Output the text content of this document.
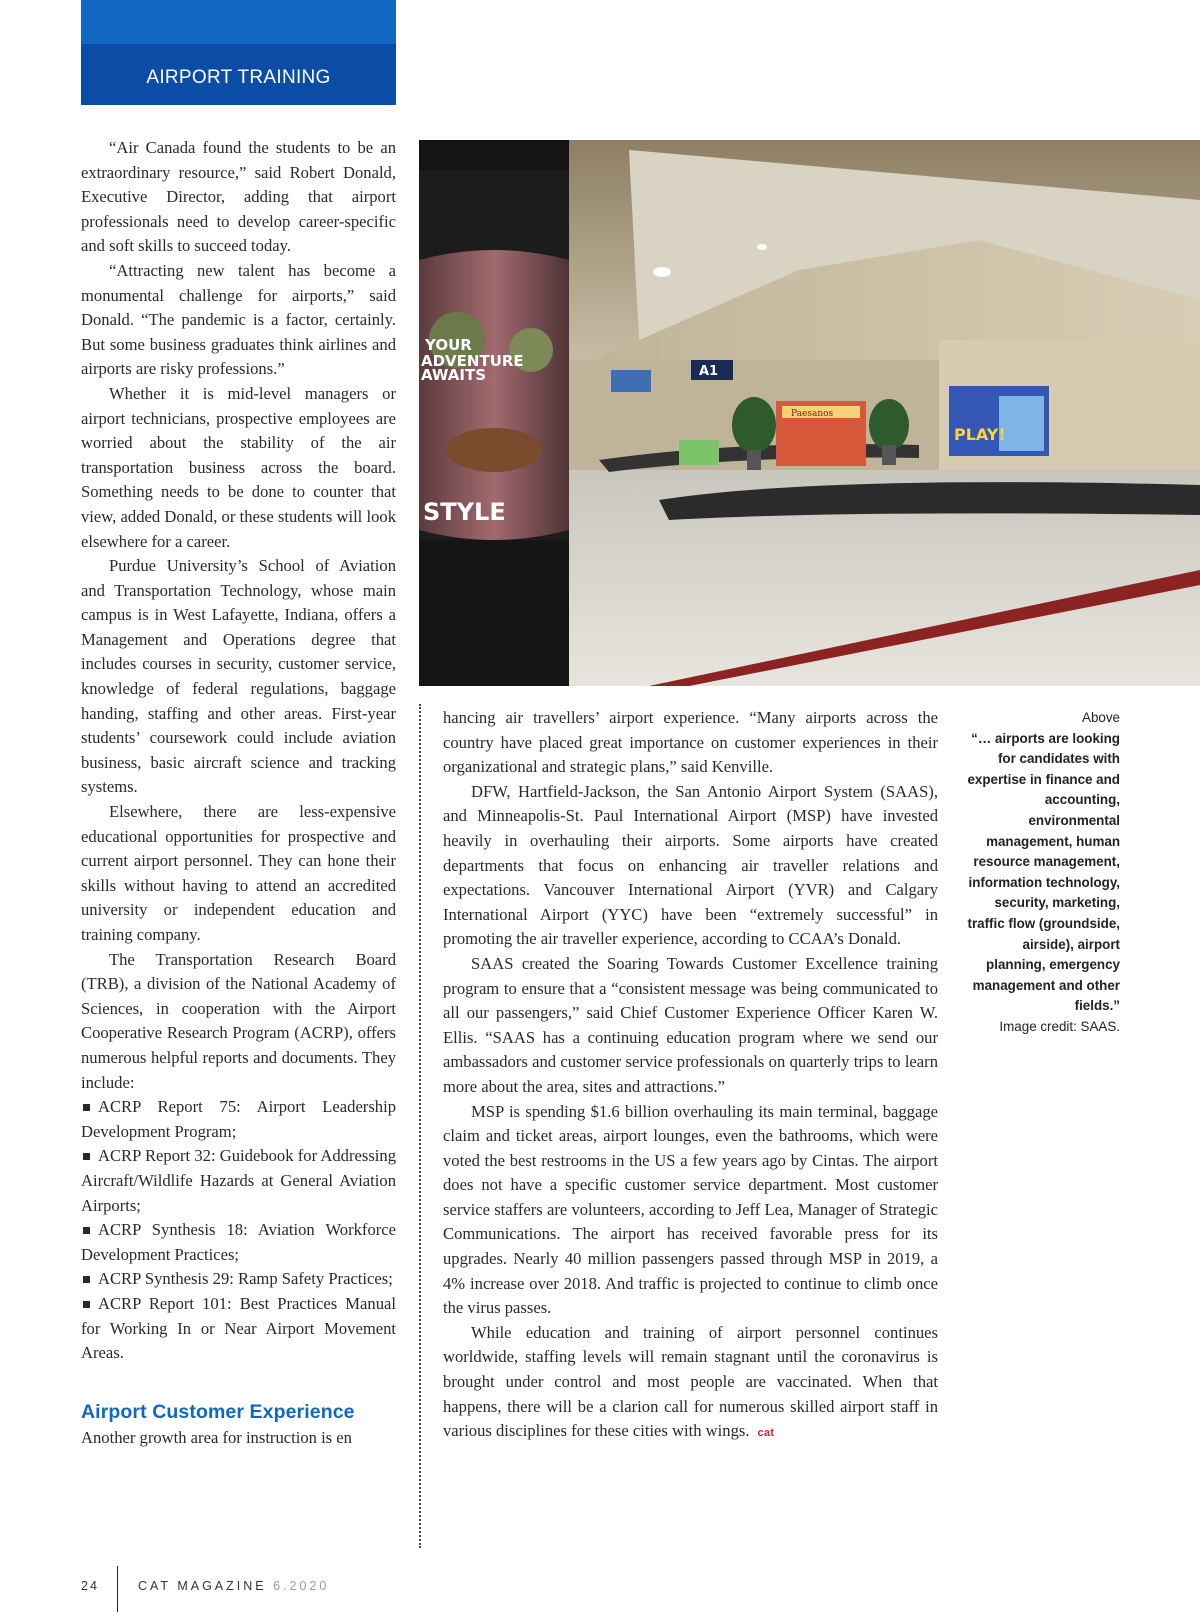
AIRPORT TRAINING

“Air Canada found the students to be an extraordinary resource,” said Robert Donald, Executive Director, adding that airport professionals need to develop career-specific and soft skills to succeed today.

“Attracting new talent has become a monumental challenge for airports,” said Donald. “The pandemic is a factor, certainly. But some business graduates think airlines and airports are risky professions.”

Whether it is mid-level managers or airport technicians, prospective employees are worried about the stability of the air transportation business across the board. Something needs to be done to counter that view, added Donald, or these students will look elsewhere for a career.

Purdue University’s School of Aviation and Transportation Technology, whose main campus is in West Lafayette, Indiana, offers a Management and Operations degree that includes courses in security, customer service, knowledge of federal regulations, baggage handing, staffing and other areas. First-year students’ coursework could include aviation business, basic aircraft science and tracking systems.

Elsewhere, there are less-expensive educational opportunities for prospective and current airport personnel. They can hone their skills without having to attend an accredited university or independent education and training company.

The Transportation Research Board (TRB), a division of the National Academy of Sciences, in cooperation with the Airport Cooperative Research Program (ACRP), offers numerous helpful reports and documents. They include:

ACRP Report 75: Airport Leadership Development Program;
ACRP Report 32: Guidebook for Addressing Aircraft/Wildlife Hazards at General Aviation Airports;
ACRP Synthesis 18: Aviation Workforce Development Practices;
ACRP Synthesis 29: Ramp Safety Practices;
ACRP Report 101: Best Practices Manual for Working In or Near Airport Movement Areas.
Airport Customer Experience

Another growth area for instruction is en

Paesanos
PLAY!
A1
YOUR
ADVENTURE
AWAITS
STYLE

hancing air travellers’ airport experience. “Many airports across the country have placed great importance on customer experiences in their organizational and strategic plans,” said Kenville.

DFW, Hartfield-Jackson, the San Antonio Airport System (SAAS), and Minneapolis-St. Paul International Airport (MSP) have invested heavily in overhauling their airports. Some airports have created departments that focus on enhancing air traveller relations and expectations. Vancouver International Airport (YVR) and Calgary International Airport (YYC) have been “extremely successful” in promoting the air traveller experience, according to CCAA’s Donald.

SAAS created the Soaring Towards Customer Excellence training program to ensure that a “consistent message was being communicated to all our passengers,” said Chief Customer Experience Officer Karen W. Ellis. “SAAS has a continuing education program where we send our ambassadors and customer service professionals on quarterly trips to learn more about the area, sites and attractions.”

MSP is spending $1.6 billion overhauling its main terminal, baggage claim and ticket areas, airport lounges, even the bathrooms, which were voted the best restrooms in the US a few years ago by Cintas. The airport does not have a specific customer service department. Most customer service staffers are volunteers, according to Jeff Lea, Manager of Strategic Communications. The airport has received favorable press for its upgrades. Nearly 40 million passengers passed through MSP in 2019, a 4% increase over 2018. And traffic is projected to continue to climb once the virus passes.

While education and training of airport personnel continues worldwide, staffing levels will remain stagnant until the coronavirus is brought under control and most people are vaccinated. When that happens, there will be a clarion call for numerous skilled airport staff in various disciplines for these cities with wings. cat

Above
“… airports are looking for candidates with expertise in finance and accounting, environmental management, human resource management, information technology, security, marketing, traffic flow (groundside, airside), airport planning, emergency management and other fields.”
Image credit: SAAS.
24	CAT MAGAZINE 6.2020
